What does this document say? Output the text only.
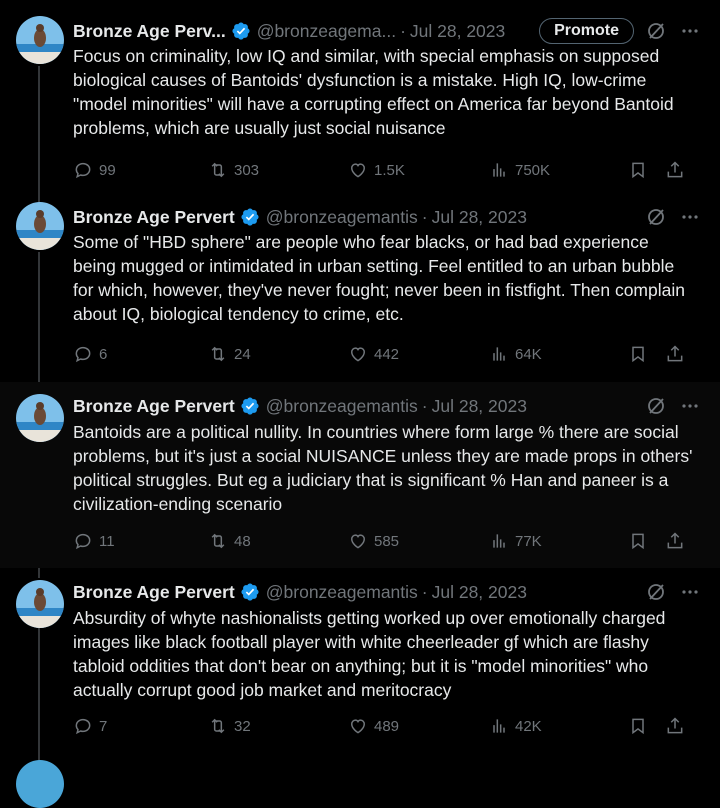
Bronze Age Perv... @bronzeagema... · Jul 28, 2023	Promote
Focus on criminality, low IQ and similar, with special emphasis on supposed biological causes of Bantoids' dysfunction is a mistake. High IQ, low-crime "model minorities" will have a corrupting effect on America far beyond Bantoid problems, which are usually just social nuisance
99	303	1.5K	750K
Bronze Age Pervert @bronzeagemantis · Jul 28, 2023
Some of "HBD sphere" are people who fear blacks, or had bad experience being mugged or intimidated in urban setting. Feel entitled to an urban bubble for which, however, they've never fought; never been in fistfight. Then complain about IQ, biological tendency to crime, etc.
6	24	442	64K
Bronze Age Pervert @bronzeagemantis · Jul 28, 2023
Bantoids are a political nullity. In countries where form large % there are social problems, but it's just a social NUISANCE unless they are made props in others' political struggles. But eg a judiciary that is significant % Han and paneer is a civilization-ending scenario
11	48	585	77K
Bronze Age Pervert @bronzeagemantis · Jul 28, 2023
Absurdity of whyte nashionalists getting worked up over emotionally charged images like black football player with white cheerleader gf which are flashy tabloid oddities that don't bear on anything; but it is "model minorities" who actually corrupt good job market and meritocracy
7	32	489	42K
